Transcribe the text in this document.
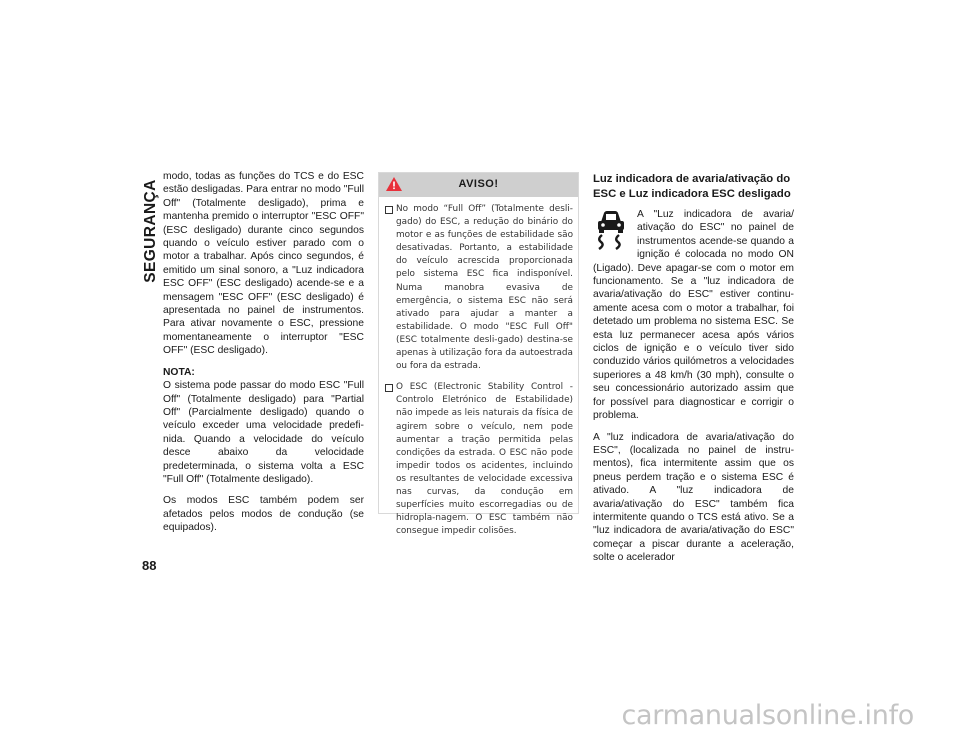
SEGURANÇA
88

modo, todas as funções do TCS e do ESC estão desligadas. Para entrar no modo "Full Off" (Totalmente desligado), prima e mantenha premido o interruptor "ESC OFF" (ESC desligado) durante cinco segundos quando o veículo estiver parado com o motor a trabalhar. Após cinco segundos, é emitido um sinal sonoro, a "Luz indicadora ESC OFF" (ESC desligado) acende-se e a mensagem "ESC OFF" (ESC desligado) é apresentada no painel de instrumentos. Para ativar novamente o ESC, pressione momentaneamente o interruptor "ESC OFF" (ESC desligado).

NOTA:

O sistema pode passar do modo ESC "Full Off" (Totalmente desligado) para "Partial Off" (Parcialmente desligado) quando o veículo exceder uma velocidade predefi-nida. Quando a velocidade do veículo desce abaixo da velocidade predeterminada, o sistema volta a ESC "Full Off" (Totalmente desligado).

Os modos ESC também podem ser afetados pelos modos de condução (se equipados).

AVISO!
No modo “Full Off” (Totalmente desli-gado) do ESC, a redução do binário do motor e as funções de estabilidade são desativadas. Portanto, a estabilidade do veículo acrescida proporcionada pelo sistema ESC fica indisponível. Numa manobra evasiva de emergência, o sistema ESC não será ativado para ajudar a manter a estabilidade. O modo "ESC Full Off" (ESC totalmente desli-gado) destina-se apenas à utilização fora da autoestrada ou fora da estrada.
O ESC (Electronic Stability Control - Controlo Eletrónico de Estabilidade) não impede as leis naturais da física de agirem sobre o veículo, nem pode aumentar a tração permitida pelas condições da estrada. O ESC não pode impedir todos os acidentes, incluindo os resultantes de velocidade excessiva nas curvas, da condução em superfícies muito escorregadias ou de hidropla-nagem. O ESC também não consegue impedir colisões.
Luz indicadora de avaria/ativação do ESC e Luz indicadora ESC desligado

A "Luz indicadora de avaria/ ativação do ESC" no painel de instrumentos acende-se quando a ignição é colocada no modo ON (Ligado). Deve apagar-se com o motor em funcionamento. Se a "luz indicadora de avaria/ativação do ESC" estiver continu-amente acesa com o motor a trabalhar, foi detetado um problema no sistema ESC. Se esta luz permanecer acesa após vários ciclos de ignição e o veículo tiver sido conduzido vários quilómetros a velocidades superiores a 48 km/h (30 mph), consulte o seu concessionário autorizado assim que for possível para diagnosticar e corrigir o problema.

A "luz indicadora de avaria/ativação do ESC", (localizada no painel de instru-mentos), fica intermitente assim que os pneus perdem tração e o sistema ESC é ativado. A "luz indicadora de avaria/ativação do ESC" também fica intermitente quando o TCS está ativo. Se a "luz indicadora de avaria/ativação do ESC" começar a piscar durante a aceleração, solte o acelerador

carmanualsonline.info
